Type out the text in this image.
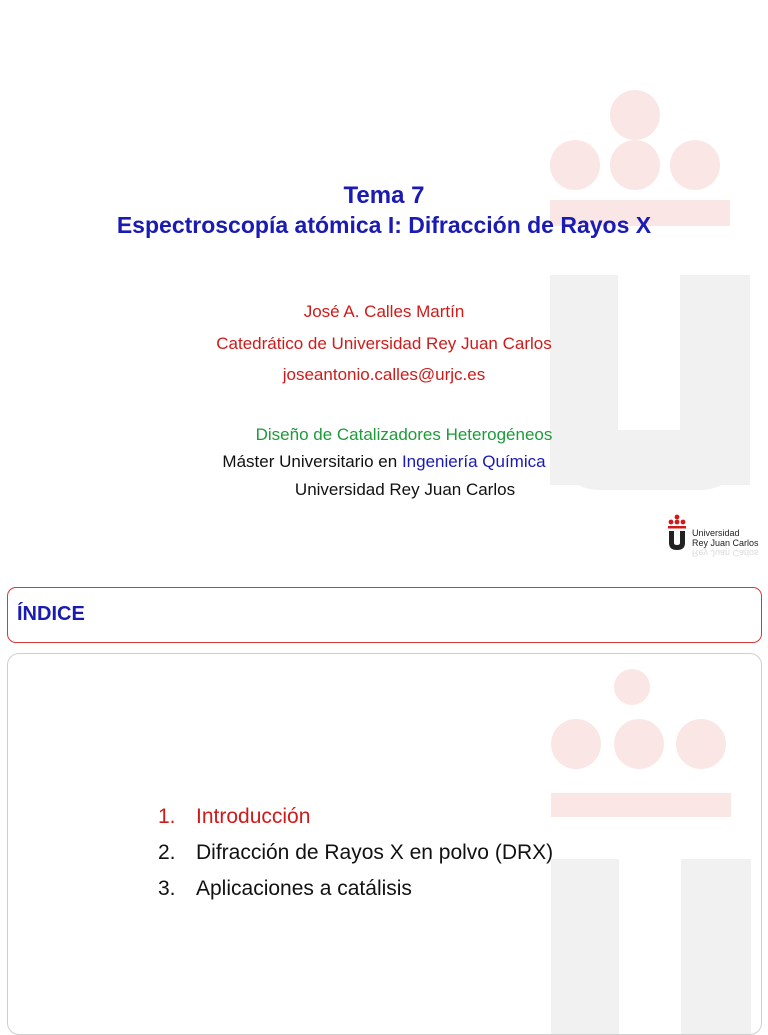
Tema 7
Espectroscopía atómica I: Difracción de Rayos X
José A. Calles Martín
Catedrático de Universidad Rey Juan Carlos
joseantonio.calles@urjc.es
Diseño de Catalizadores Heterogéneos
Máster Universitario en Ingeniería Química
Universidad Rey Juan Carlos
Universidad
Rey Juan Carlos
Rey Juan Carlos
ÍNDICE
1. Introducción
2. Difracción de Rayos X en polvo (DRX)
3. Aplicaciones a catálisis
